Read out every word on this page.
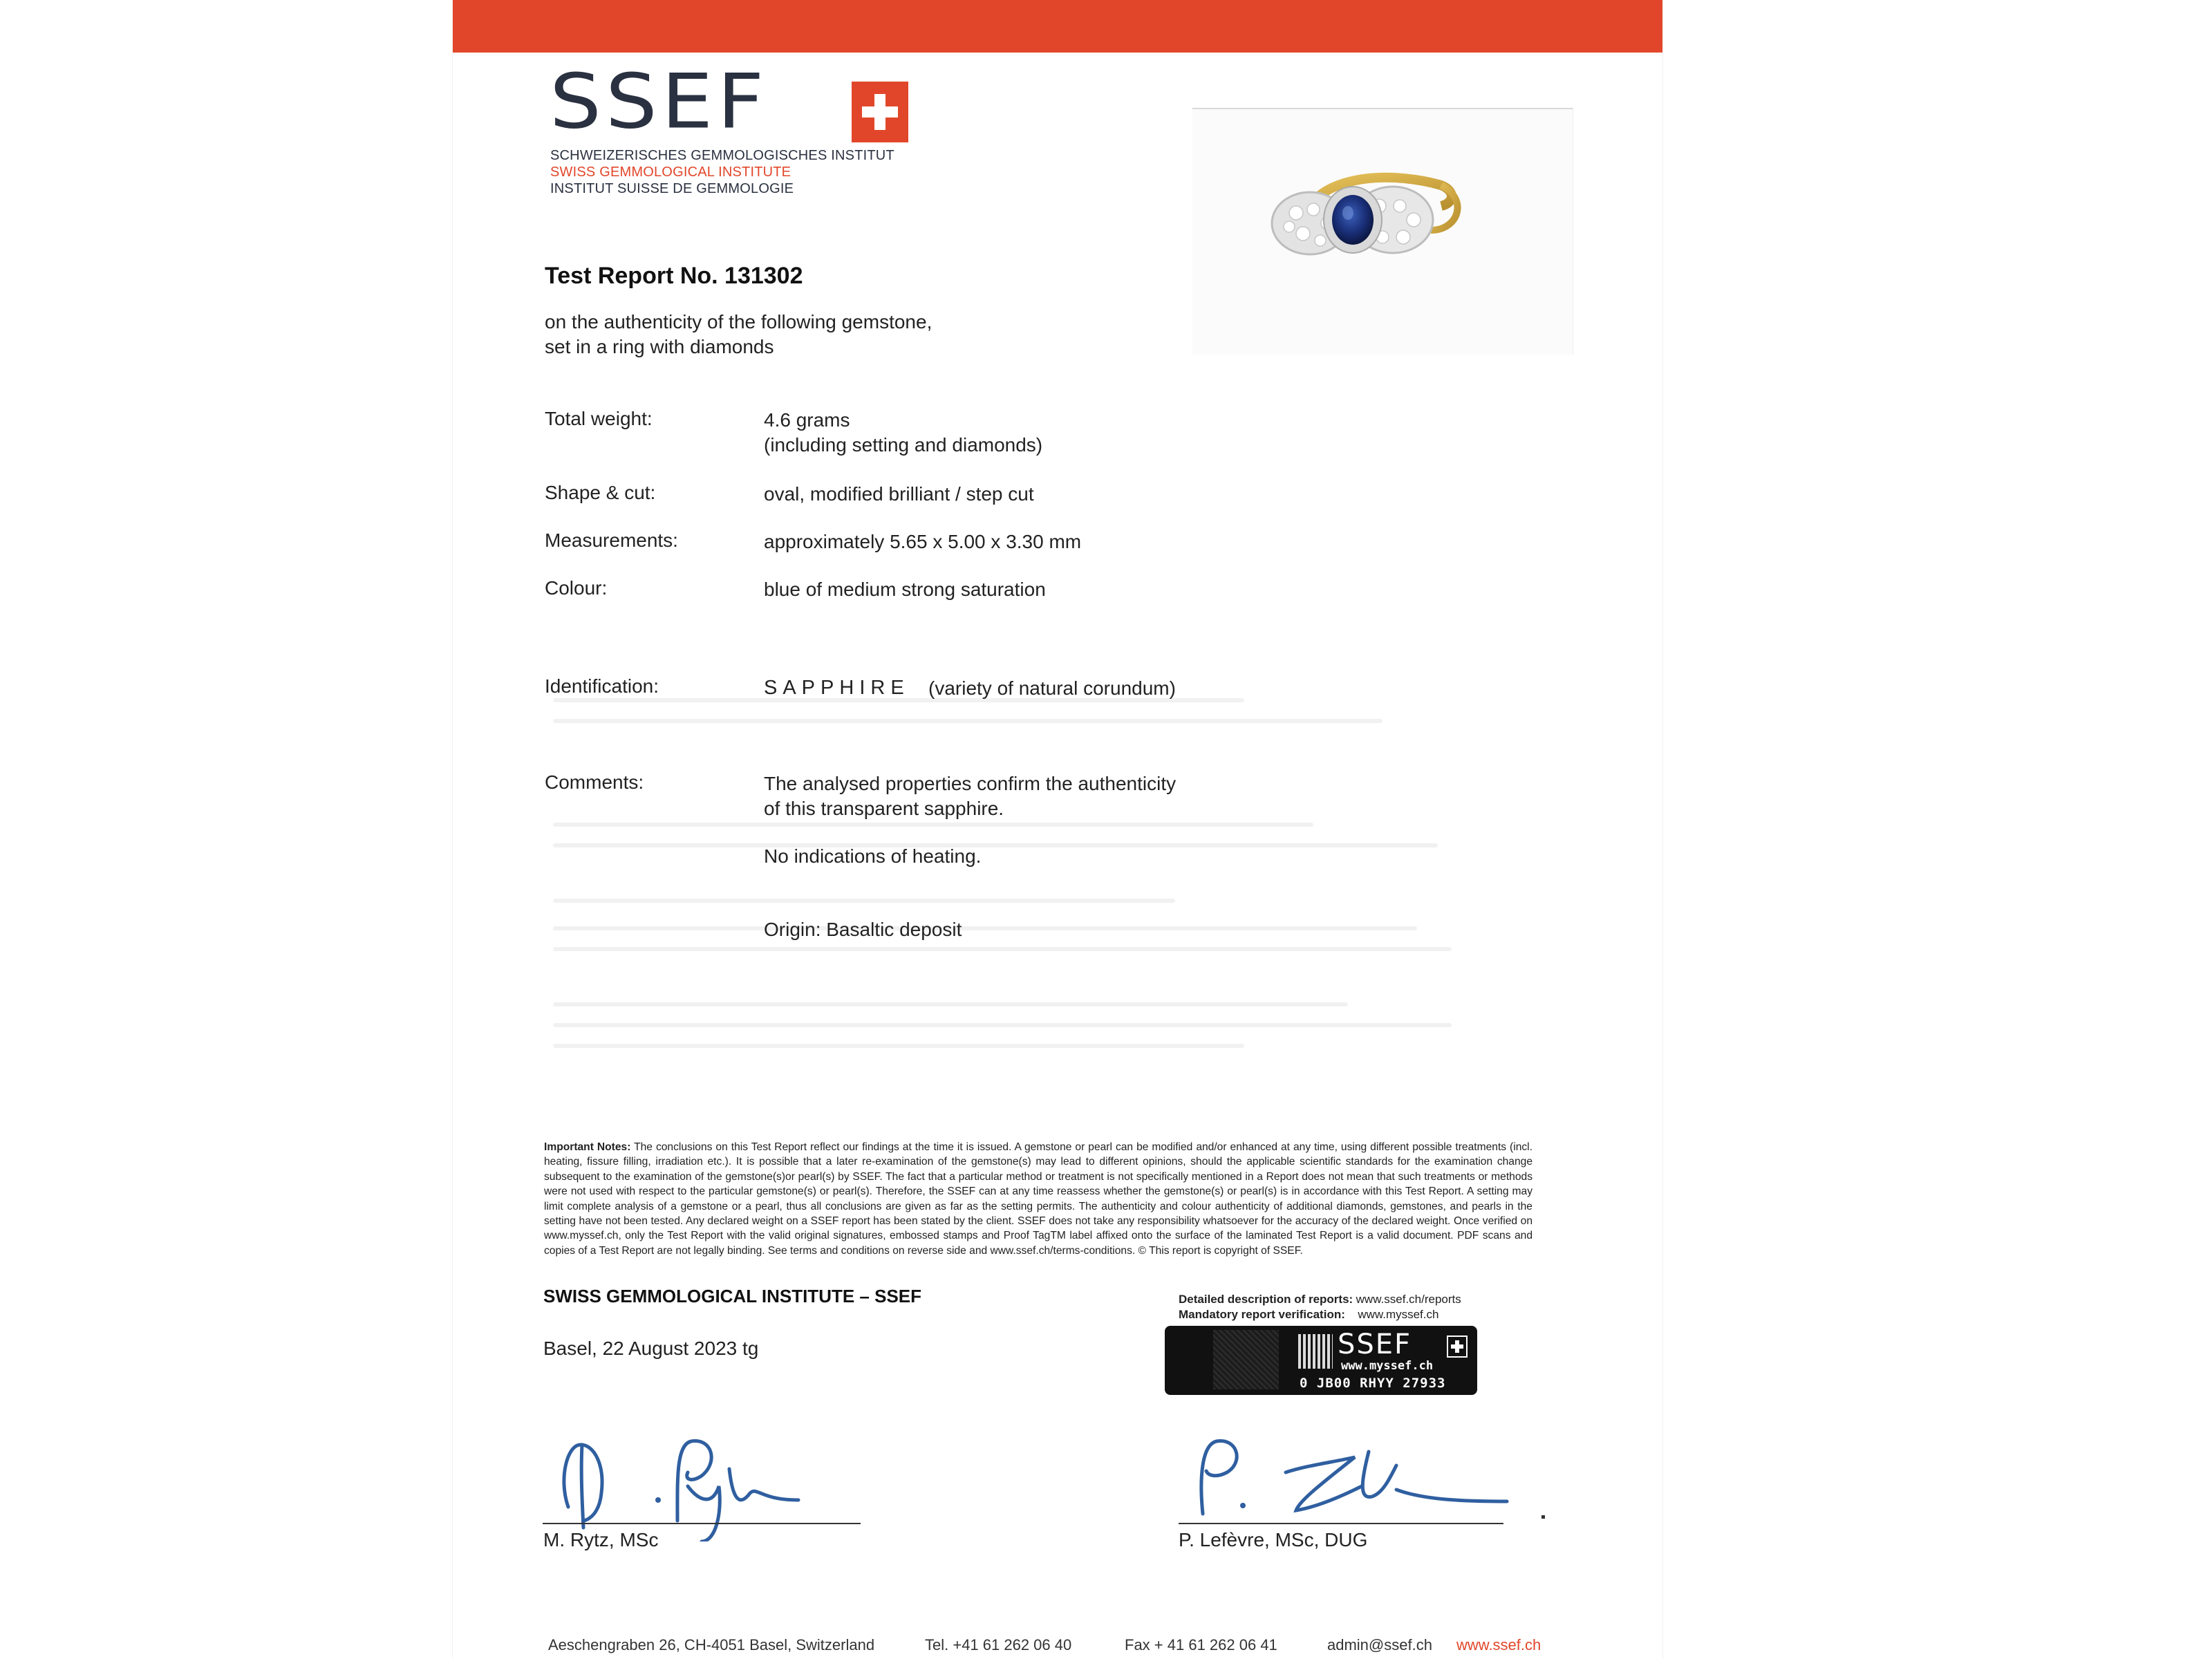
SSEF
SCHWEIZERISCHES GEMMOLOGISCHES INSTITUT
SWISS GEMMOLOGICAL INSTITUTE
INSTITUT SUISSE DE GEMMOLOGIE
Test Report No. 131302
on the authenticity of the following gemstone,
set in a ring with diamonds
Total weight:	4.6 grams
(including setting and diamonds)
Shape & cut:	oval, modified brilliant / step cut
Measurements:	approximately 5.65 x 5.00 x 3.30 mm
Colour:	blue of medium strong saturation
Identification:	SAPPHIRE (variety of natural corundum)
Comments:	The analysed properties confirm the authenticity
of this transparent sapphire.
No indications of heating.
Origin: Basaltic deposit
Important Notes: The conclusions on this Test Report reflect our findings at the time it is issued. A gemstone or pearl can be modified and/or enhanced at any time, using different possible treatments (incl. heating, fissure filling, irradiation etc.). It is possible that a later re-examination of the gemstone(s) may lead to different opinions, should the applicable scientific standards for the examination change subsequent to the examination of the gemstone(s)or pearl(s) by SSEF. The fact that a particular method or treatment is not specifically mentioned in a Report does not mean that such treatments or methods were not used with respect to the particular gemstone(s) or pearl(s). Therefore, the SSEF can at any time reassess whether the gemstone(s) or pearl(s) is in accordance with this Test Report. A setting may limit complete analysis of a gemstone or a pearl, thus all conclusions are given as far as the setting permits. The authenticity and colour authenticity of additional diamonds, gemstones, and pearls in the setting have not been tested. Any declared weight on a SSEF report has been stated by the client. SSEF does not take any responsibility whatsoever for the accuracy of the declared weight. Once verified on www.myssef.ch, only the Test Report with the valid original signatures, embossed stamps and Proof TagTM label affixed onto the surface of the laminated Test Report is a valid document. PDF scans and copies of a Test Report are not legally binding. See terms and conditions on reverse side and www.ssef.ch/terms-conditions. © This report is copyright of SSEF.
SWISS GEMMOLOGICAL INSTITUTE – SSEF
Basel, 22 August 2023 tg
Detailed description of reports: www.ssef.ch/reports
Mandatory report verification: www.myssef.ch
SSEF
www.myssef.ch
0 JB00 RHYY 27933
M. Rytz, MSc	P. Lefèvre, MSc, DUG
Aeschengraben 26, CH-4051 Basel, Switzerland	Tel. +41 61 262 06 40	Fax + 41 61 262 06 41	admin@ssef.ch www.ssef.ch
